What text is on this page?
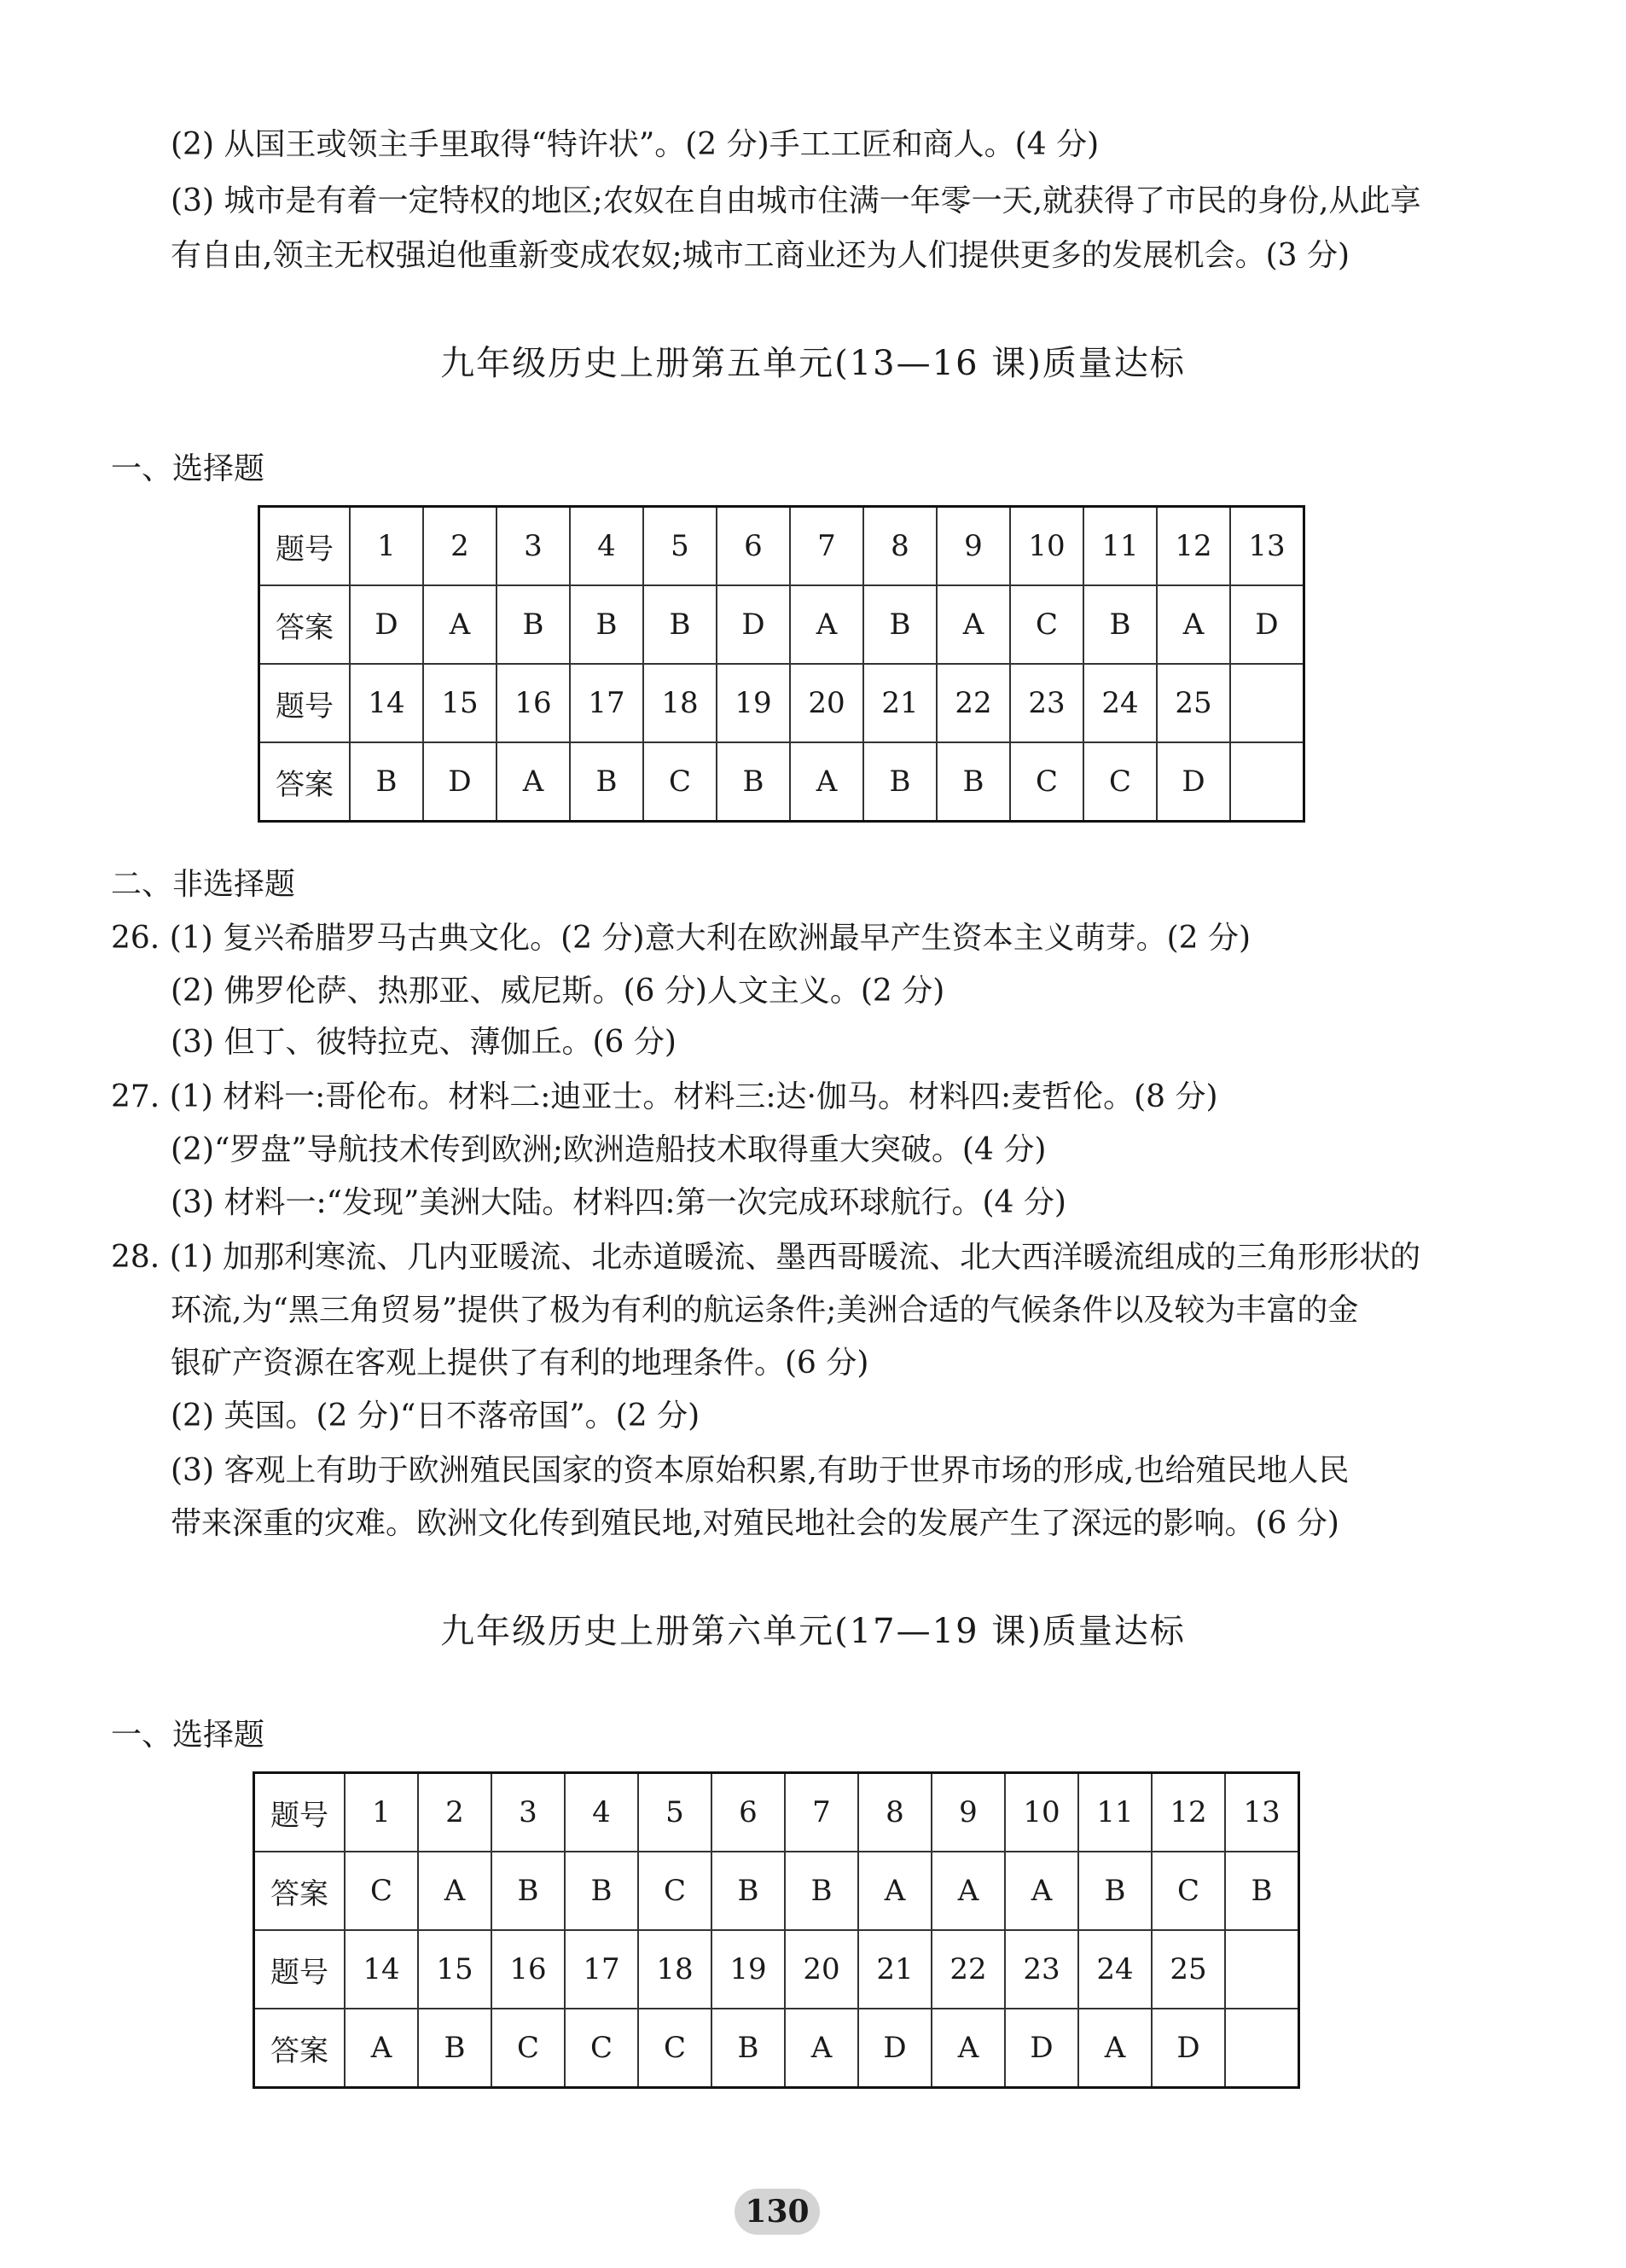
(2) 从国王或领主手里取得“特许状”。(2 分)手工工匠和商人。(4 分)
(3) 城市是有着一定特权的地区;农奴在自由城市住满一年零一天,就获得了市民的身份,从此享
有自由,领主无权强迫他重新变成农奴;城市工商业还为人们提供更多的发展机会。(3 分)
九年级历史上册第五单元(13—16 课)质量达标
一、选择题
题号	1	2	3	4	5	6	7	8	9	10	11	12	13
答案	D	A	B	B	B	D	A	B	A	C	B	A	D
题号	14	15	16	17	18	19	20	21	22	23	24	25	
答案	B	D	A	B	C	B	A	B	B	C	C	D	
二、非选择题
26. (1) 复兴希腊罗马古典文化。(2 分)意大利在欧洲最早产生资本主义萌芽。(2 分)
(2) 佛罗伦萨、热那亚、威尼斯。(6 分)人文主义。(2 分)
(3) 但丁、彼特拉克、薄伽丘。(6 分)
27. (1) 材料一:哥伦布。材料二:迪亚士。材料三:达·伽马。材料四:麦哲伦。(8 分)
(2)“罗盘”导航技术传到欧洲;欧洲造船技术取得重大突破。(4 分)
(3) 材料一:“发现”美洲大陆。材料四:第一次完成环球航行。(4 分)
28. (1) 加那利寒流、几内亚暖流、北赤道暖流、墨西哥暖流、北大西洋暖流组成的三角形形状的
环流,为“黑三角贸易”提供了极为有利的航运条件;美洲合适的气候条件以及较为丰富的金
银矿产资源在客观上提供了有利的地理条件。(6 分)
(2) 英国。(2 分)“日不落帝国”。(2 分)
(3) 客观上有助于欧洲殖民国家的资本原始积累,有助于世界市场的形成,也给殖民地人民
带来深重的灾难。欧洲文化传到殖民地,对殖民地社会的发展产生了深远的影响。(6 分)
九年级历史上册第六单元(17—19 课)质量达标
一、选择题
题号	1	2	3	4	5	6	7	8	9	10	11	12	13
答案	C	A	B	B	C	B	B	A	A	A	B	C	B
题号	14	15	16	17	18	19	20	21	22	23	24	25	
答案	A	B	C	C	C	B	A	D	A	D	A	D	
130
